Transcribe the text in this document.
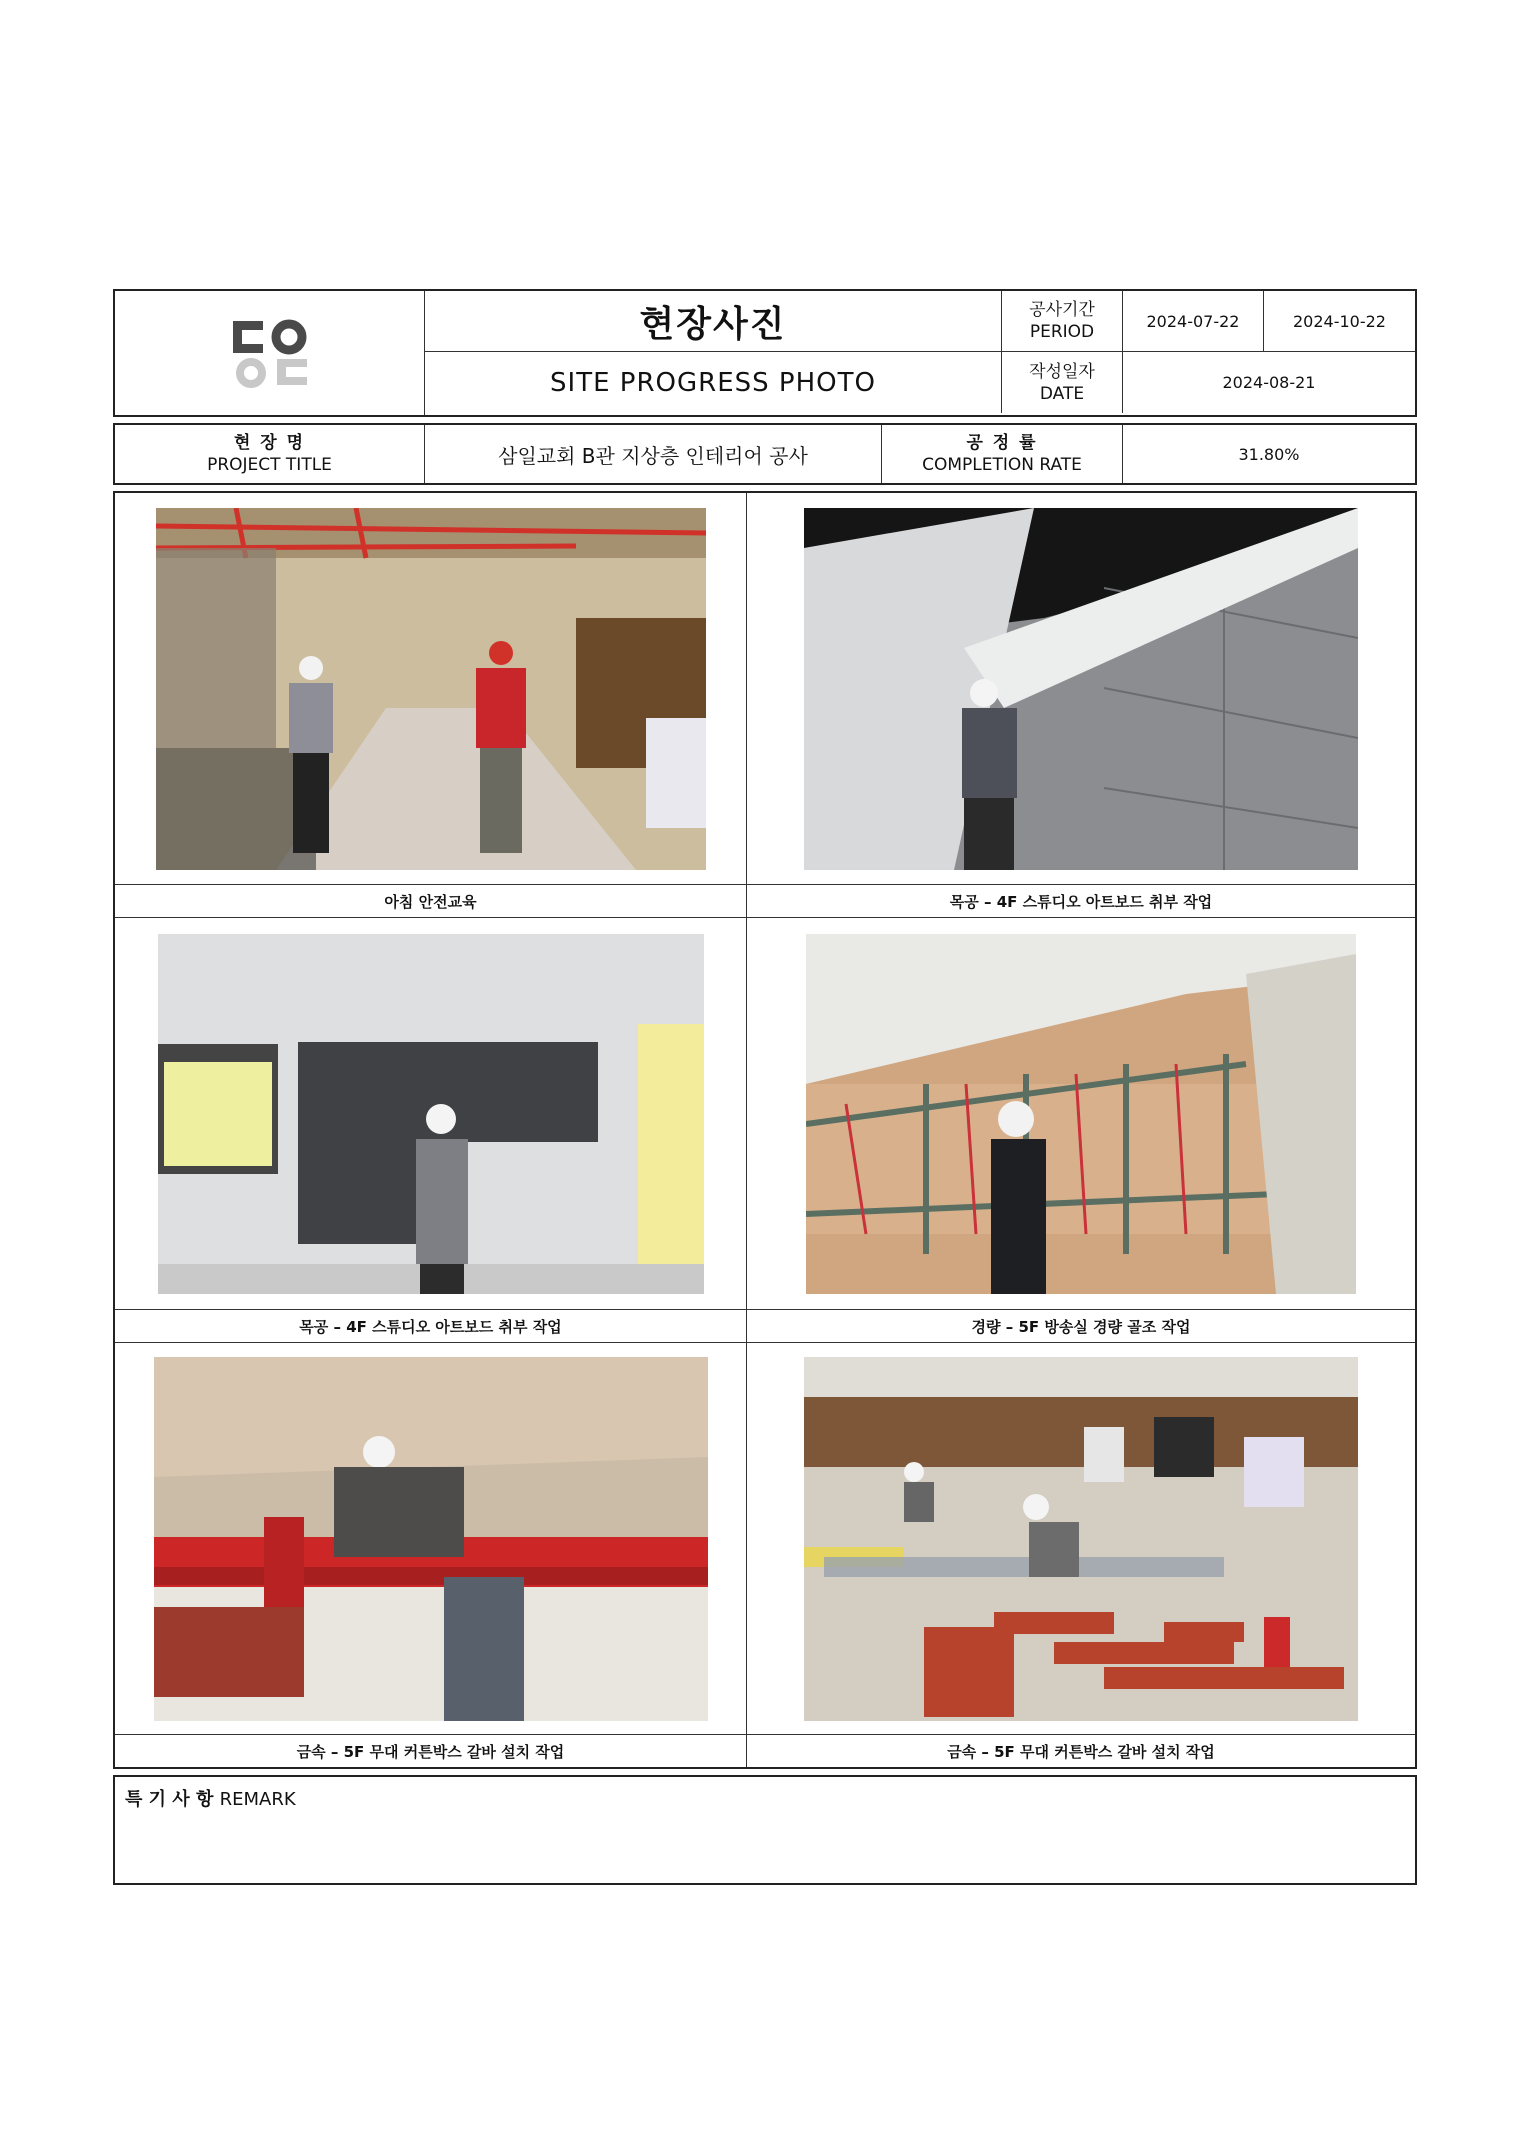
현장사진	공사기간
PERIOD
2024-07-22	2024-10-22
SITE PROGRESS PHOTO	작성일자
DATE
2024-08-21
현 장 명
PROJECT TITLE	삼일교회 B관 지상층 인테리어 공사
공 정 률
COMPLETION RATE
31.80%
아침 안전교육	목공 – 4F 스튜디오 아트보드 취부 작업
목공 – 4F 스튜디오 아트보드 취부 작업	경량 – 5F 방송실 경량 골조 작업
금속 – 5F 무대 커튼박스 갈바 설치 작업	금속 – 5F 무대 커튼박스 갈바 설치 작업
특 기 사 항 REMARK
